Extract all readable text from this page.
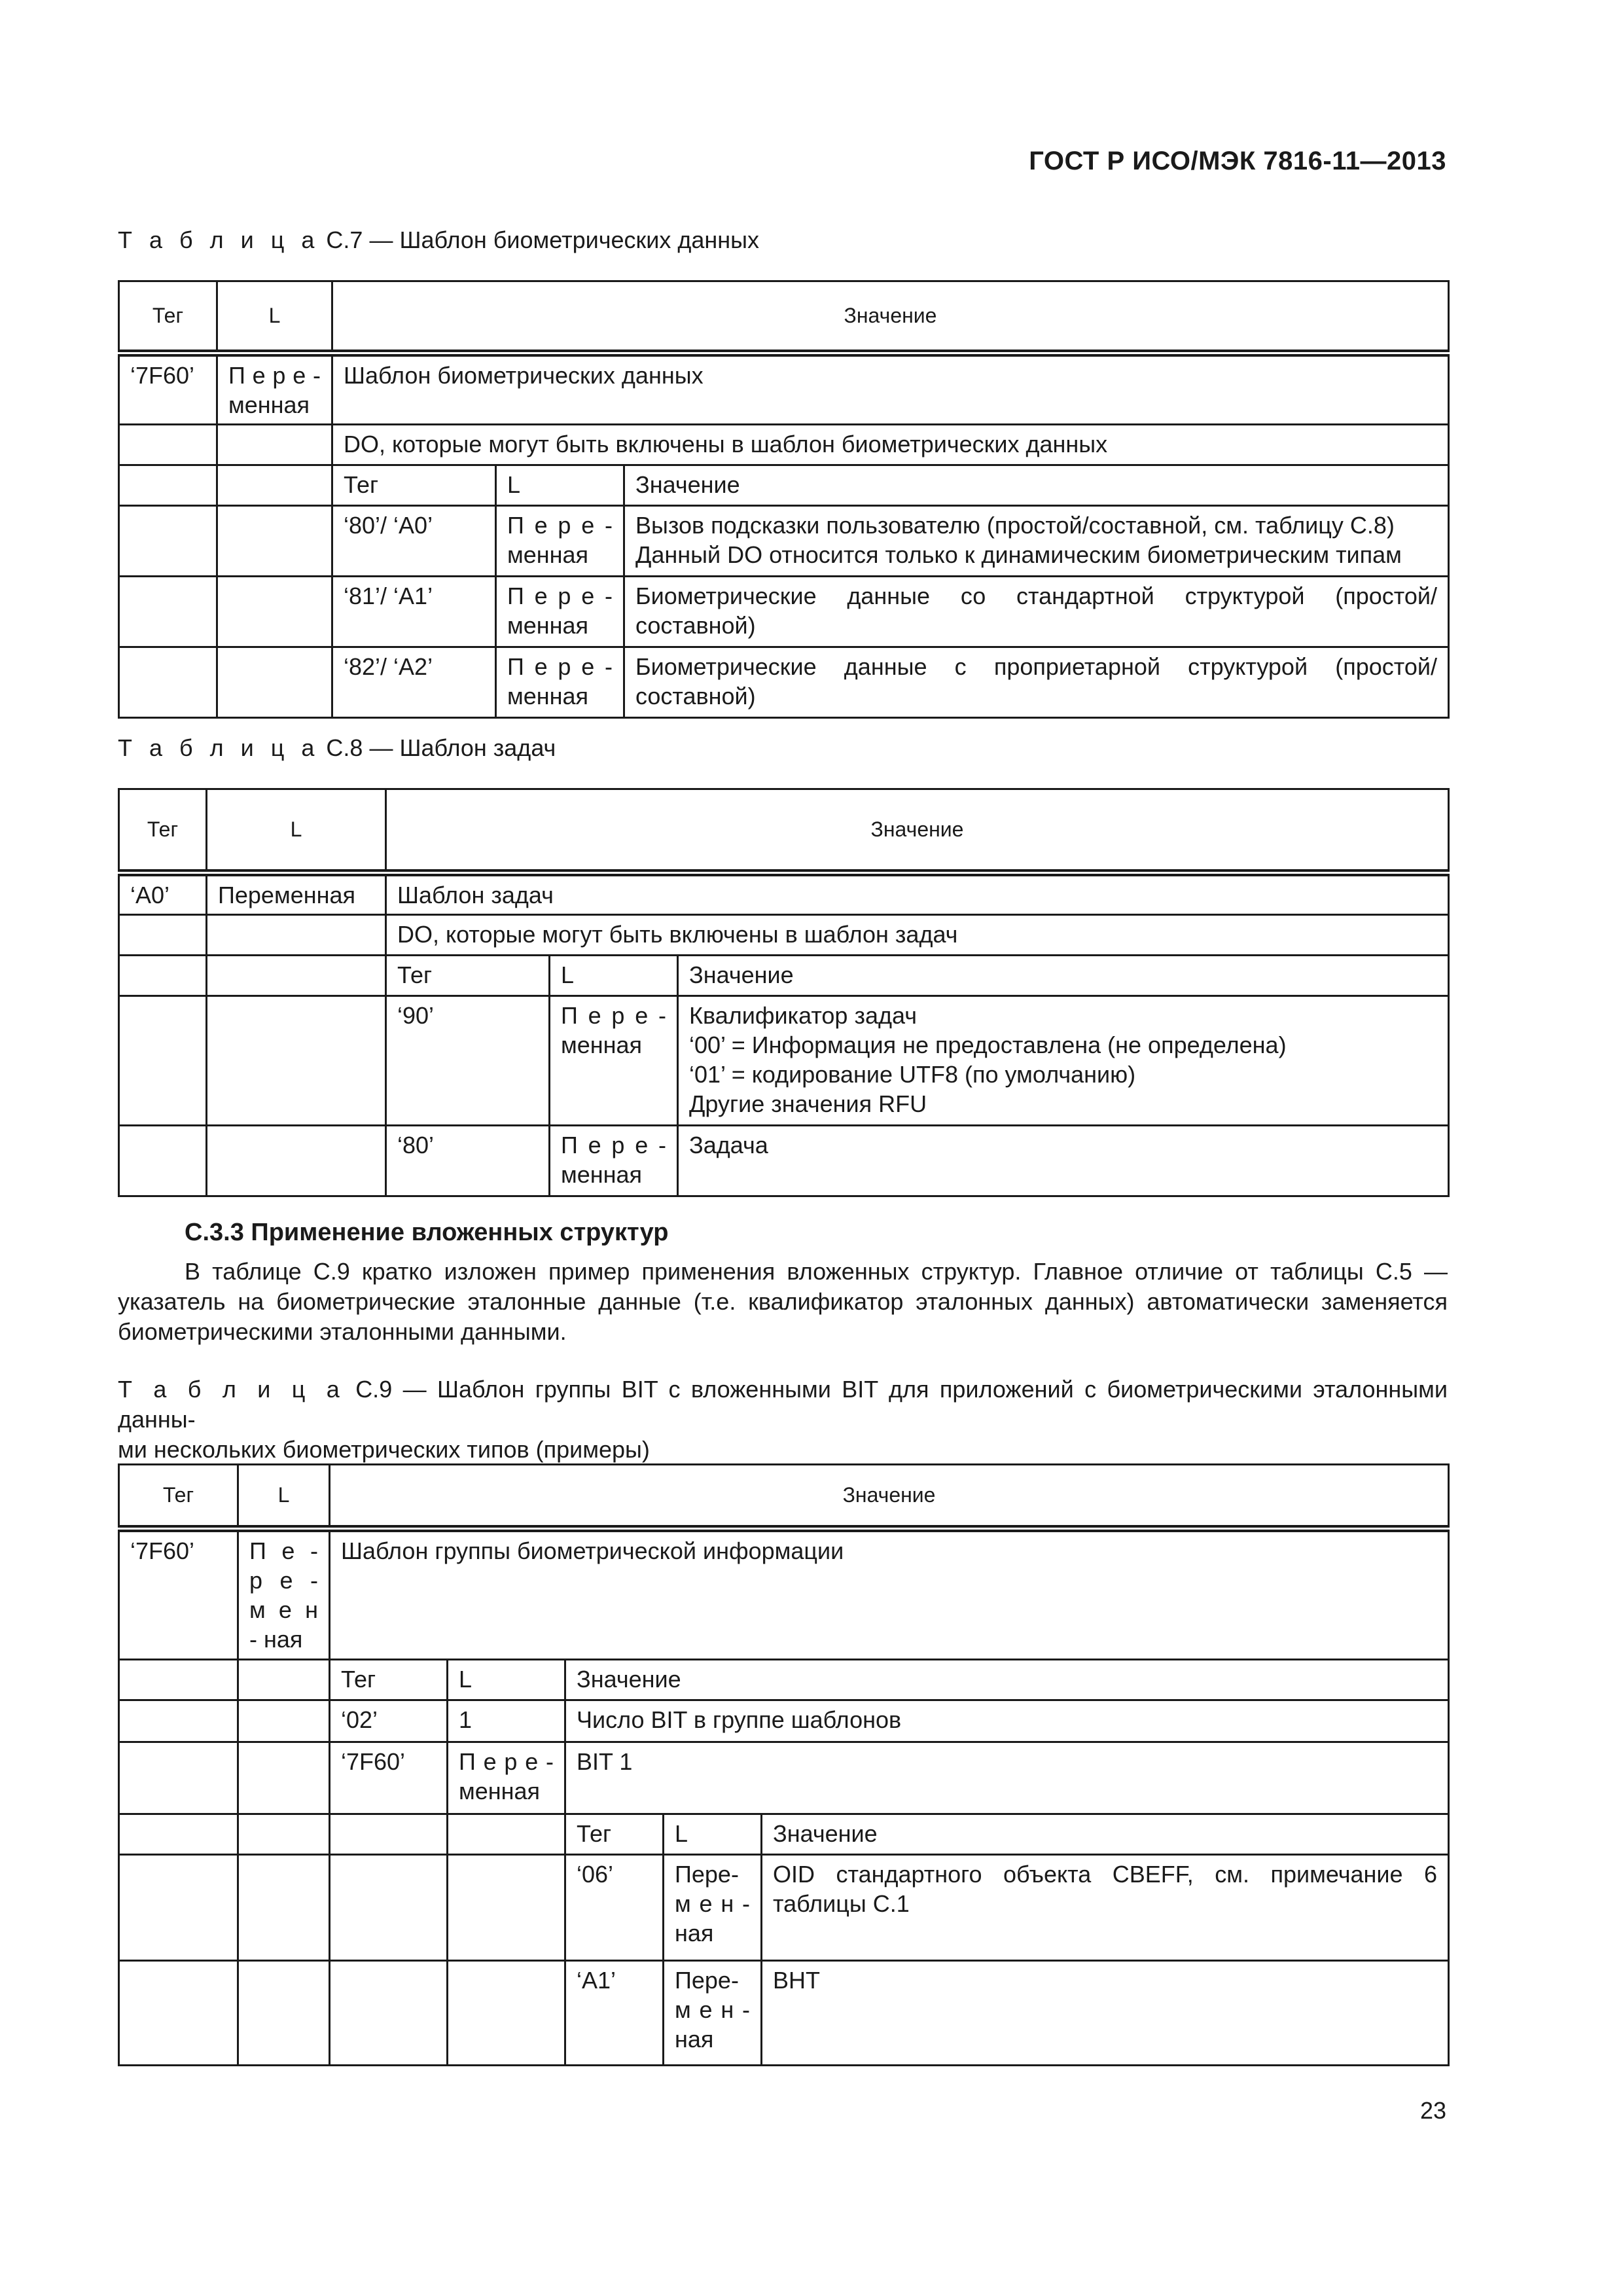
ГОСТ Р ИСО/МЭК 7816-11—2013
Т а б л и ц а С.7 — Шаблон биометрических данных
Тег	L	Значение		
‘7F60’	П е р е - менная	Шаблон биометрических данных		
		DO, которые могут быть включены в шаблон биометрических данных		
		Тег	L	Значение
		‘80’/ ‘A0’	П е р е - менная	Вызов подсказки пользователю (простой/составной, см. таблицу С.8)
Данный DO относится только к динамическим биометрическим типам

		‘81’/ ‘A1’	П е р е - менная	Биометрические данные со стандартной структурой (простой/ составной)
		‘82’/ ‘A2’	П е р е - менная	Биометрические данные с проприетарной структурой (простой/ составной)
Т а б л и ц а С.8 — Шаблон задач
Тег	L	Значение		
‘A0’	Переменная	Шаблон задач		
		DO, которые могут быть включены в шаблон задач		
		Тег	L	Значение
		‘90’	П е р е - менная	Квалификатор задач
‘00’ = Информация не предоставлена (не определена)
‘01’ = кодирование UTF8 (по умолчанию)
Другие значения RFU

		‘80’	П е р е - менная	Задача
С.3.3 Применение вложенных структур
В таблице С.9 кратко изложен пример применения вложенных структур. Главное отличие от таблицы С.5 — указатель на биометрические эталонные данные (т.е. квалификатор эталонных данных) автоматически заменяется биометрическими эталонными данными.
Т а б л и ц а С.9 — Шаблон группы BIT с вложенными BIT для приложений с биометрическими эталонными данны-
ми нескольких биометрических типов (примеры)
Тег	L	Значение				
‘7F60’	П е - р е - м е н - ная	Шаблон группы биометрической информации				
		Тег	L	Значение		
		‘02’	1	Число BIT в группе шаблонов		
		‘7F60’	П е р е - менная	BIT 1		
				Тег	L	Значение
				‘06’	Пере- м е н - ная	OID стандартного объекта CBEFF, см. примечание 6 таблицы С.1
				‘A1’	Пере- м е н - ная	BHT
23
